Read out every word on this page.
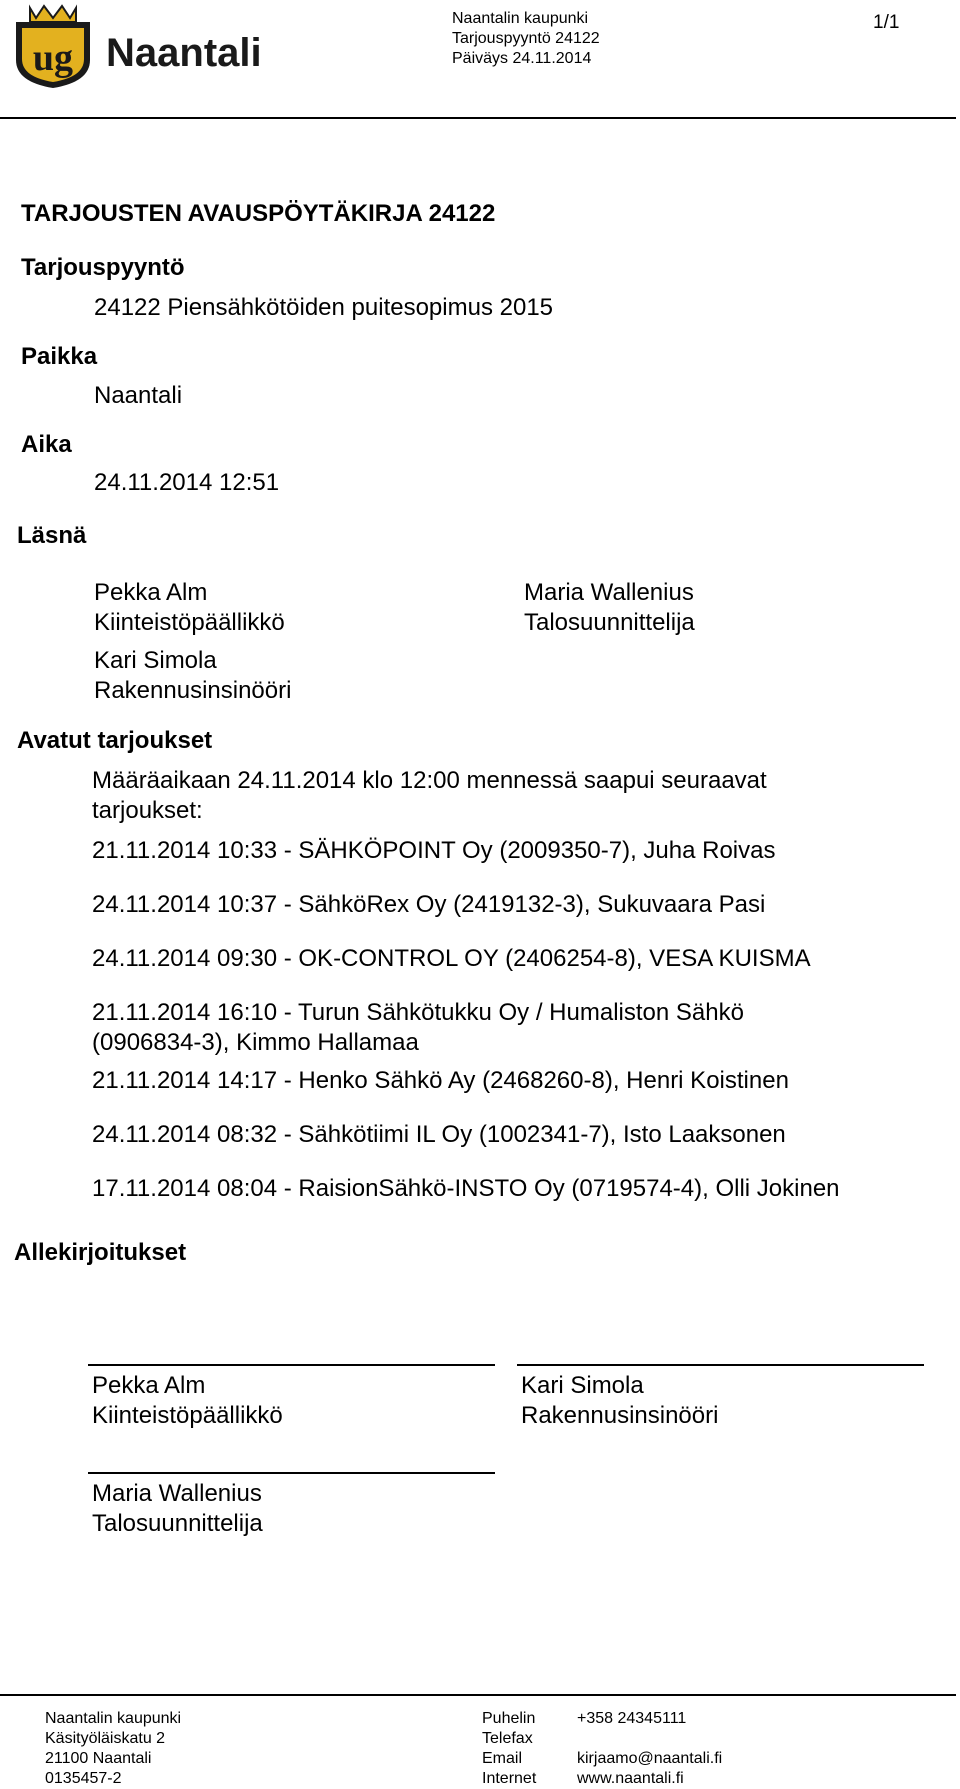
ug Naantali
Naantalin kaupunki
Tarjouspyyntö 24122
Päiväys 24.11.2014
1/1
TARJOUSTEN AVAUSPÖYTÄKIRJA 24122
Tarjouspyyntö
24122 Piensähkötöiden puitesopimus 2015
Paikka
Naantali
Aika
24.11.2014 12:51
Läsnä
Pekka Alm
Kiinteistöpäällikkö
Maria Wallenius
Talosuunnittelija
Kari Simola
Rakennusinsinööri
Avatut tarjoukset
Määräaikaan 24.11.2014 klo 12:00 mennessä saapui seuraavat tarjoukset:
21.11.2014 10:33 - SÄHKÖPOINT Oy (2009350-7), Juha Roivas
24.11.2014 10:37 - SähköRex Oy (2419132-3), Sukuvaara Pasi
24.11.2014 09:30 - OK-CONTROL OY (2406254-8), VESA KUISMA
21.11.2014 16:10 - Turun Sähkötukku Oy / Humaliston Sähkö (0906834-3), Kimmo Hallamaa
21.11.2014 14:17 - Henko Sähkö Ay (2468260-8), Henri Koistinen
24.11.2014 08:32 - Sähkötiimi IL Oy (1002341-7), Isto Laaksonen
17.11.2014 08:04 - RaisionSähkö-INSTO Oy (0719574-4), Olli Jokinen
Allekirjoitukset
Pekka Alm
Kiinteistöpäällikkö
Kari Simola
Rakennusinsinööri
Maria Wallenius
Talosuunnittelija
Naantalin kaupunki
Käsityöläiskatu 2
21100 Naantali
0135457-2
Puhelin
Telefax
Email
Internet
+358 24345111
kirjaamo@naantali.fi
www.naantali.fi
